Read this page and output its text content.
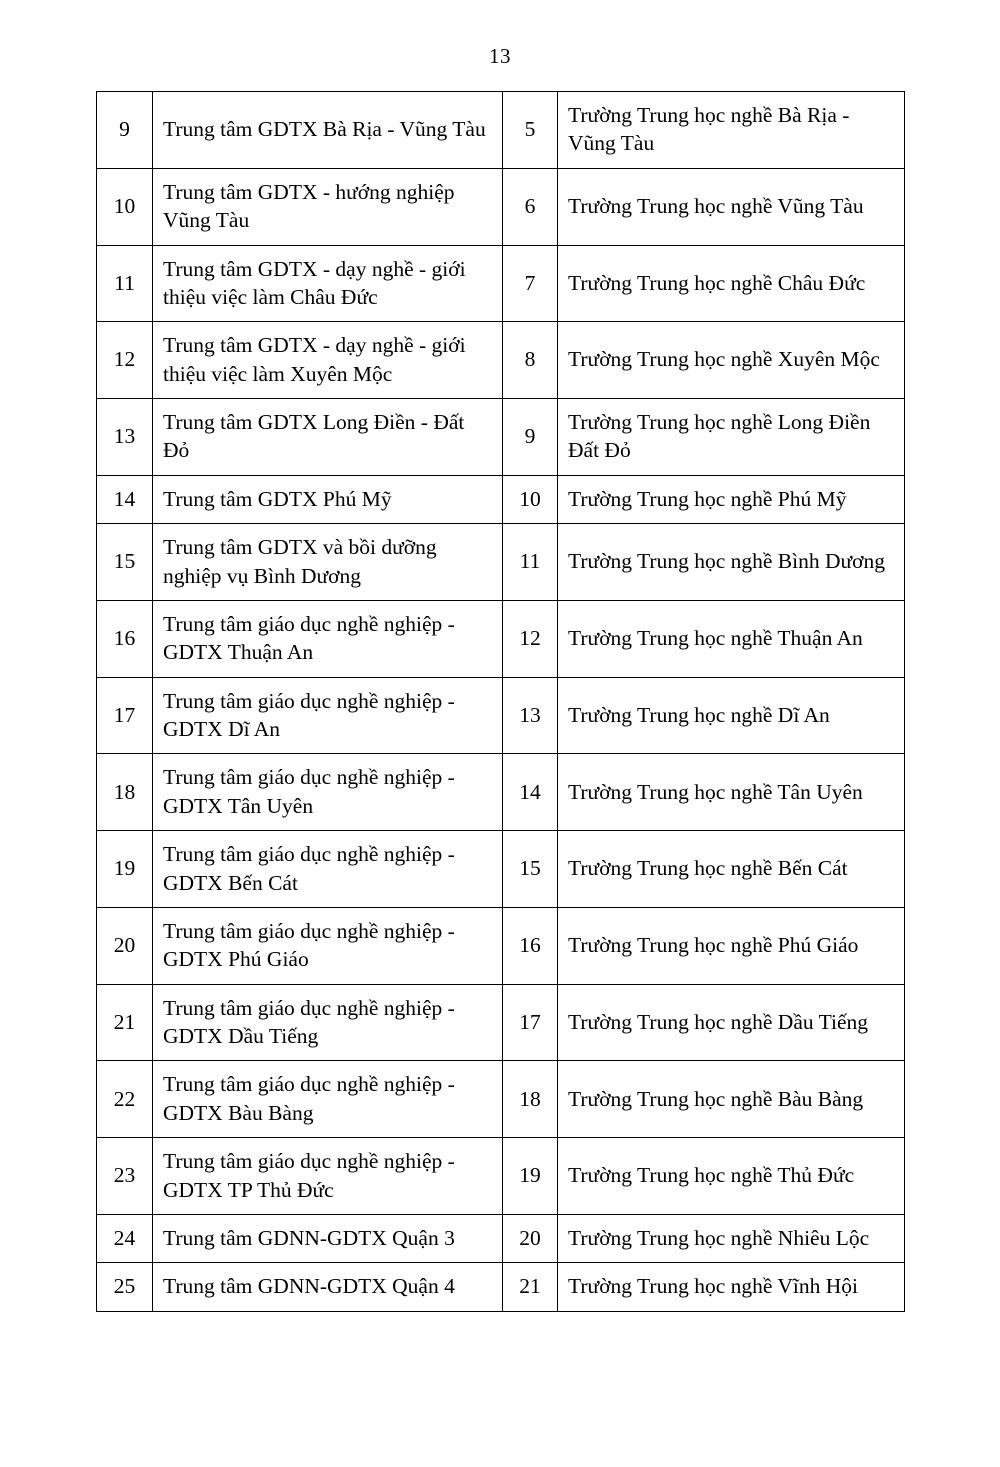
13
9	Trung tâm GDTX Bà Rịa - Vũng Tàu	5	Trường Trung học nghề Bà Rịa - Vũng Tàu
10	Trung tâm GDTX - hướng nghiệp Vũng Tàu	6	Trường Trung học nghề Vũng Tàu
11	Trung tâm GDTX - dạy nghề - giới thiệu việc làm Châu Đức	7	Trường Trung học nghề Châu Đức
12	Trung tâm GDTX - dạy nghề - giới thiệu việc làm Xuyên Mộc	8	Trường Trung học nghề Xuyên Mộc
13	Trung tâm GDTX Long Điền - Đất Đỏ	9	Trường Trung học nghề Long Điền Đất Đỏ
14	Trung tâm GDTX Phú Mỹ	10	Trường Trung học nghề Phú Mỹ
15	Trung tâm GDTX và bồi dưỡng nghiệp vụ Bình Dương	11	Trường Trung học nghề Bình Dương
16	Trung tâm giáo dục nghề nghiệp - GDTX Thuận An	12	Trường Trung học nghề Thuận An
17	Trung tâm giáo dục nghề nghiệp - GDTX Dĩ An	13	Trường Trung học nghề Dĩ An
18	Trung tâm giáo dục nghề nghiệp - GDTX Tân Uyên	14	Trường Trung học nghề Tân Uyên
19	Trung tâm giáo dục nghề nghiệp - GDTX Bến Cát	15	Trường Trung học nghề Bến Cát
20	Trung tâm giáo dục nghề nghiệp - GDTX Phú Giáo	16	Trường Trung học nghề Phú Giáo
21	Trung tâm giáo dục nghề nghiệp - GDTX Dầu Tiếng	17	Trường Trung học nghề Dầu Tiếng
22	Trung tâm giáo dục nghề nghiệp - GDTX Bàu Bàng	18	Trường Trung học nghề Bàu Bàng
23	Trung tâm giáo dục nghề nghiệp - GDTX TP Thủ Đức	19	Trường Trung học nghề Thủ Đức
24	Trung tâm GDNN-GDTX Quận 3	20	Trường Trung học nghề Nhiêu Lộc
25	Trung tâm GDNN-GDTX Quận 4	21	Trường Trung học nghề Vĩnh Hội
